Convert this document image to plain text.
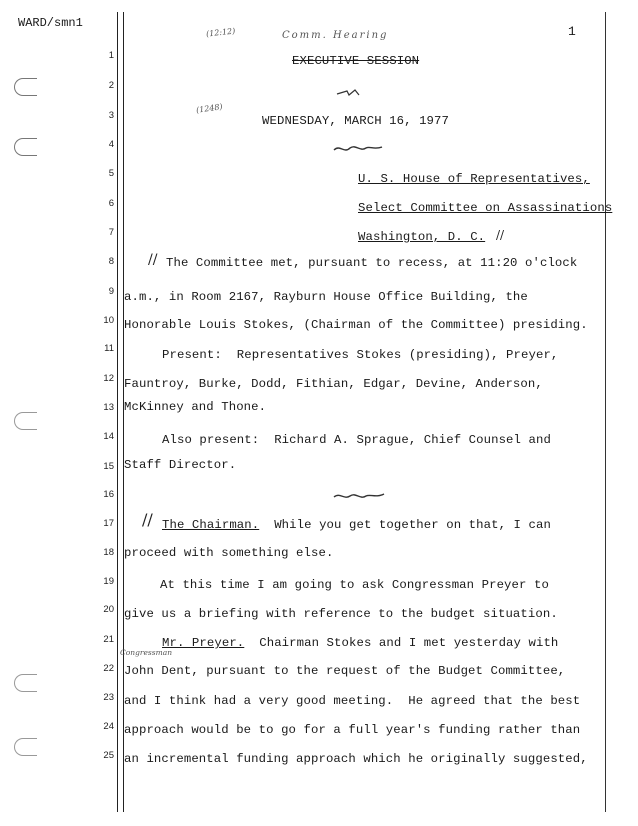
WARD/smn1
1
1
2
3
4
5
6
7
8
9
10
11
12
13
14
15
16
17
18
19
20
21
22
23
24
25
(12:12)	Comm. Hearing
(1248)
EXECUTIVE SESSION
WEDNESDAY, MARCH 16, 1977
U. S. House of Representatives,
Select Committee on Assassinations
Washington, D. C. //
// The Committee met, pursuant to recess, at 11:20 o'clock
a.m., in Room 2167, Rayburn House Office Building, the
Honorable Louis Stokes, (Chairman of the Committee) presiding.
Present:  Representatives Stokes (presiding), Preyer,
Fauntroy, Burke, Dodd, Fithian, Edgar, Devine, Anderson,
McKinney and Thone.
Also present:  Richard A. Sprague, Chief Counsel and
Staff Director.
// The Chairman.  While you get together on that, I can
proceed with something else.
At this time I am going to ask Congressman Preyer to
give us a briefing with reference to the budget situation.
Mr. Preyer.  Chairman Stokes and I met yesterday with
Congressman
John Dent, pursuant to the request of the Budget Committee,
and I think had a very good meeting.  He agreed that the best
approach would be to go for a full year's funding rather than
an incremental funding approach which he originally suggested,
